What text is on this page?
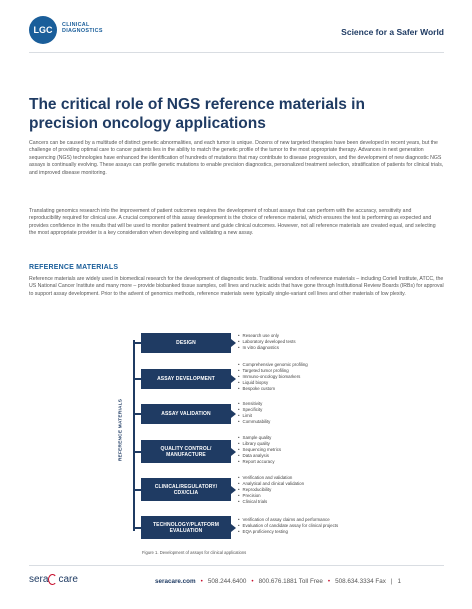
LGC CLINICAL
DIAGNOSTICS	Science for a Safer World
The critical role of NGS reference materials in precision oncology applications

Cancers can be caused by a multitude of distinct genetic abnormalities, and each tumor is unique. Dozens of new targeted therapies have been developed in recent years, but the challenge of providing optimal care to cancer patients lies in the ability to match the genetic profile of the tumor to the most appropriate therapy. Advances in next generation sequencing (NGS) technologies have enhanced the identification of hundreds of mutations that may contribute to disease progression, and the development of new diagnostic NGS assays is continually evolving. These assays can profile genetic mutations to enable precision diagnostics, personalized treatment selection, stratification of patients for clinical trials, and improved disease monitoring.

Translating genomics research into the improvement of patient outcomes requires the development of robust assays that can perform with the accuracy, sensitivity and reproducibility required for clinical use. A crucial component of this assay development is the choice of reference material, which ensures the test is performing as expected and provides confidence in the results that will be used to monitor patient treatment and guide clinical outcomes. However, not all reference materials are created equal, and selecting the most appropriate provider is a key consideration when developing and validating a new assay.

REFERENCE MATERIALS

Reference materials are widely used in biomedical research for the development of diagnostic tests. Traditional vendors of reference materials – including Coriell Institute, ATCC, the US National Cancer Institute and many more – provide biobanked tissue samples, cell lines and nucleic acids that have gone through Institutional Review Boards (IRBs) for approval to support assay development. Prior to the advent of genomics methods, reference materials were typically single-variant cell lines and other materials of low plexity.

REFERENCE MATERIALS
DESIGN
• Research use only
• Laboratory developed tests
• In vitro diagnostics
ASSAY DEVELOPMENT
• Comprehensive genomic profiling
• Targeted tumor profiling
• Immuno-oncology biomarkers
• Liquid biopsy
• Bespoke custom
ASSAY VALIDATION
• Sensitivity
• Specificity
• Limit
• Commutability
QUALITY CONTROL/
MANUFACTURE
• Sample quality
• Library quality
• Sequencing metrics
• Data analysis
• Report accuracy
CLINICAL/REGULATORY/
CDX/CLIA
• Verification and validation
• Analytical and clinical validation
• Reproducibility
• Precision
• Clinical trials
TECHNOLOGY/PLATFORM
EVALUATION
• Verification of assay claims and performance
• Evaluation of candidate assay for clinical projects
• EQA proficiency testing
Figure 1. Development of assays for clinical applications
sera care	seracare.com • 508.244.6400 • 800.676.1881 Toll Free • 508.634.3334 Fax | 1
